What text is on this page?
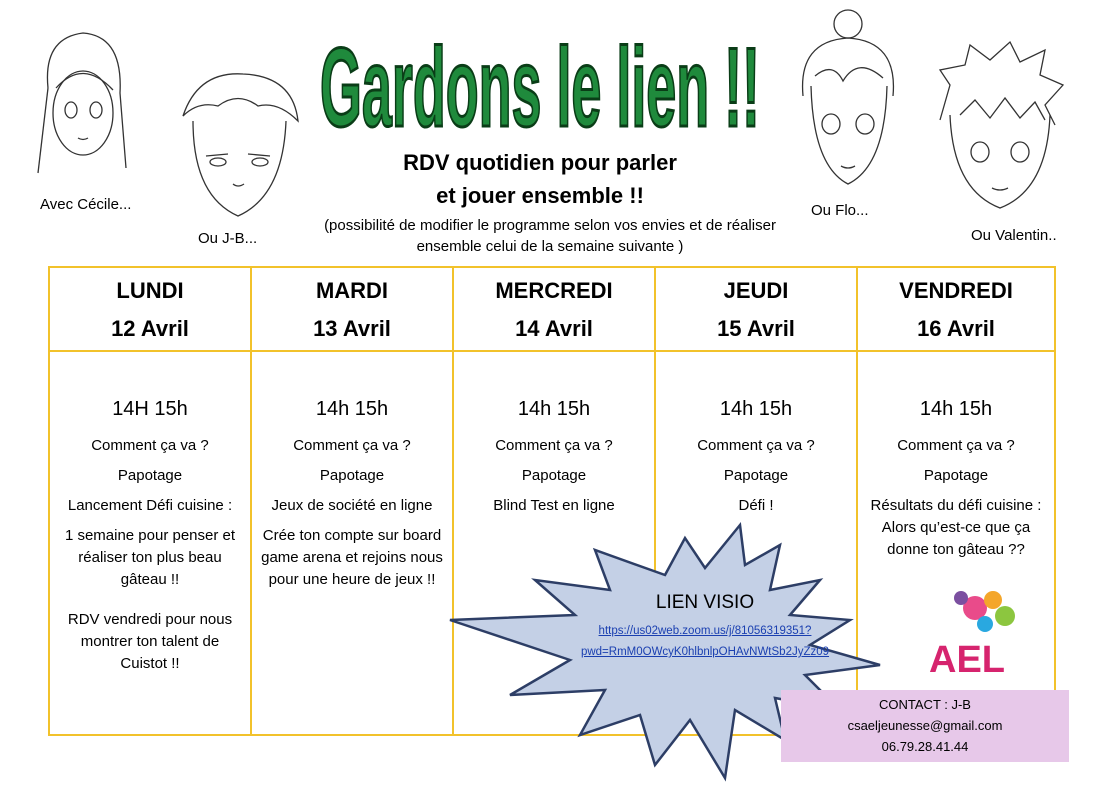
Gardons le lien !!
RDV quotidien pour parler
et jouer ensemble !!
(possibilité de modifier le programme selon vos envies et de réaliser
ensemble celui de la semaine suivante )
Avec Cécile...
Ou J-B...
Ou Flo...
Ou Valentin..
LUNDI
12 Avril
14H 15h
Comment ça va ?
Papotage
Lancement Défi cuisine :
1 semaine pour penser et réaliser ton plus beau gâteau !!
RDV vendredi pour nous montrer ton talent de Cuistot !!
MARDI
13 Avril
14h 15h
Comment ça va ?
Papotage
Jeux de société en ligne
Crée ton compte sur board game arena et rejoins nous pour une heure de jeux !!
MERCREDI
14 Avril
14h 15h
Comment ça va ?
Papotage
Blind Test en ligne
JEUDI
15 Avril
14h 15h
Comment ça va ?
Papotage
Défi !
VENDREDI
16 Avril
14h 15h
Comment ça va ?
Papotage
Résultats du défi cuisine : Alors qu’est-ce que ça donne ton gâteau ??
LIEN VISIO
https://us02web.zoom.us/j/81056319351?
pwd=RmM0OWcyK0hlbnlpOHAvNWtSb2JyZz09	AEL
CONTACT : J-B
csaeljeunesse@gmail.com
06.79.28.41.44
